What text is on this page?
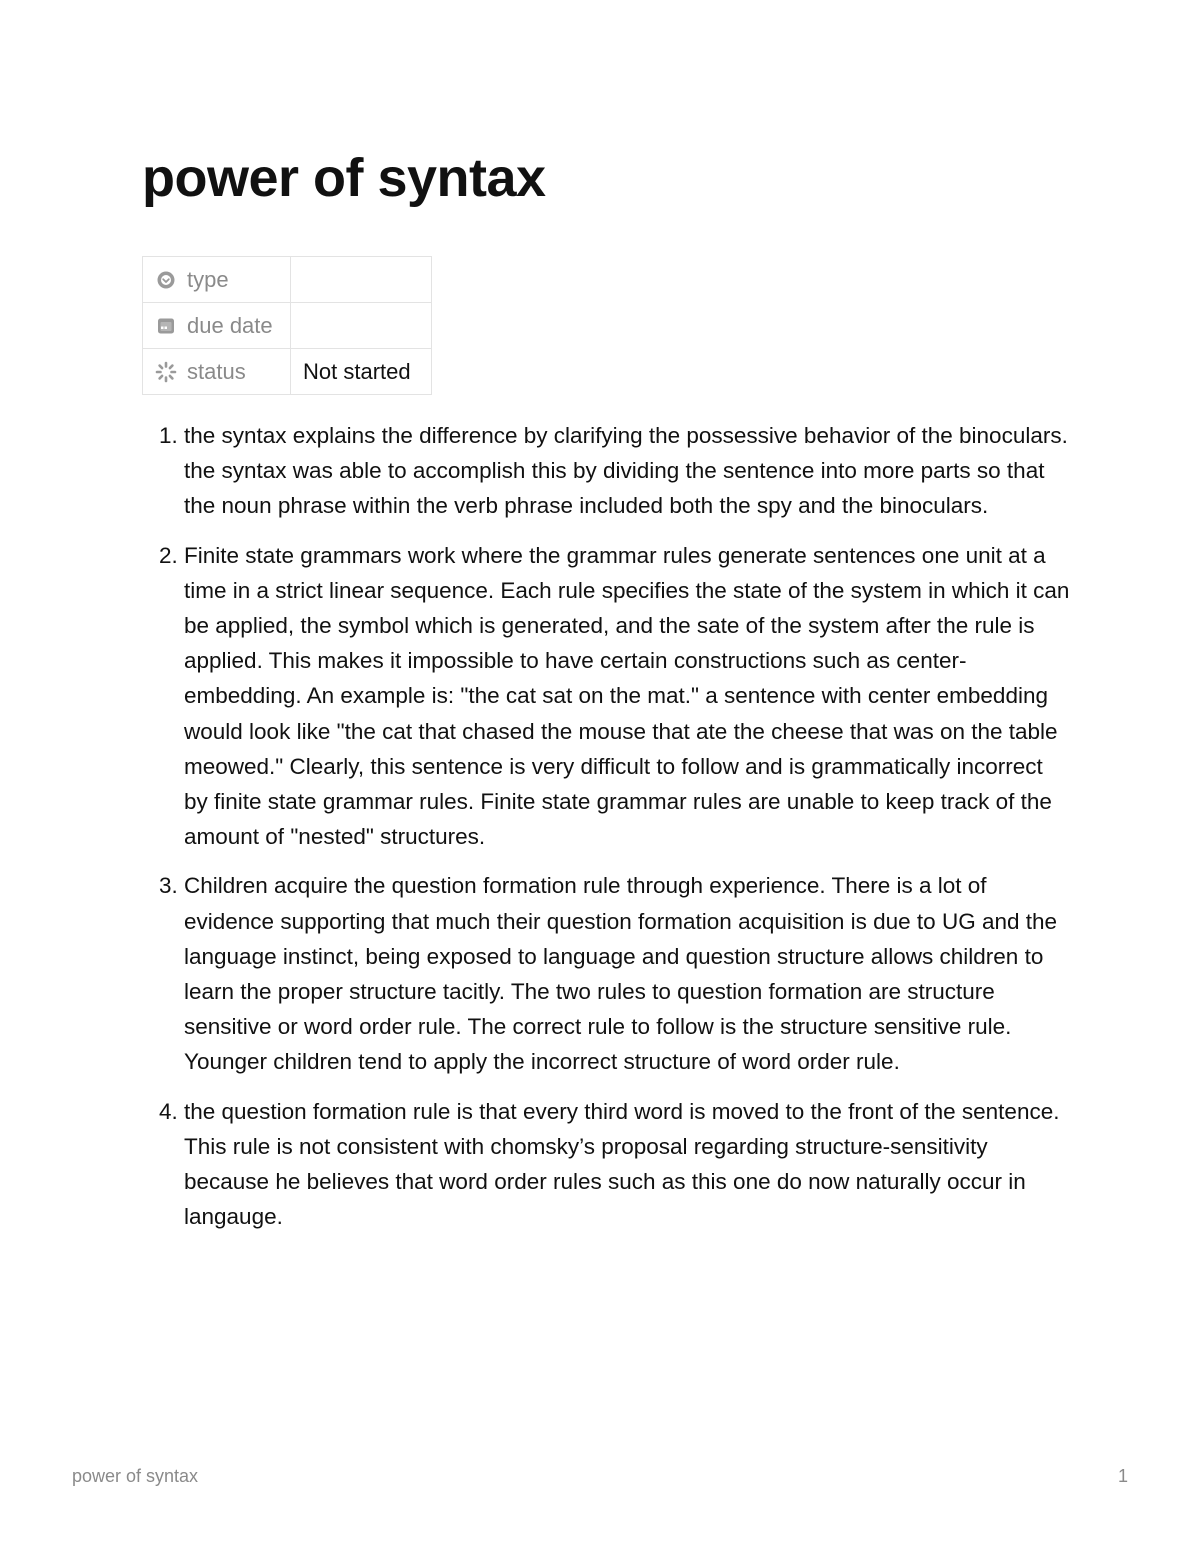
power of syntax
type	

due date	

status	Not started
1. the syntax explains the difference by clarifying the possessive behavior of the binoculars. the syntax was able to accomplish this by dividing the sentence into more parts so that the noun phrase within the verb phrase included both the spy and the binoculars.
2. Finite state grammars work where the grammar rules generate sentences one unit at a time in a strict linear sequence. Each rule specifies the state of the system in which it can be applied, the symbol which is generated, and the sate of the system after the rule is applied. This makes it impossible to have certain constructions such as center-embedding. An example is: "the cat sat on the mat." a sentence with center embedding would look like "the cat that chased the mouse that ate the cheese that was on the table meowed." Clearly, this sentence is very difficult to follow and is grammatically incorrect by finite state grammar rules. Finite state grammar rules are unable to keep track of the amount of "nested" structures.
3. Children acquire the question formation rule through experience. There is a lot of evidence supporting that much their question formation acquisition is due to UG and the language instinct, being exposed to language and question structure allows children to learn the proper structure tacitly. The two rules to question formation are structure sensitive or word order rule. The correct rule to follow is the structure sensitive rule. Younger children tend to apply the incorrect structure of word order rule.
4. the question formation rule is that every third word is moved to the front of the sentence. This rule is not consistent with chomsky’s proposal regarding structure-sensitivity because he believes that word order rules such as this one do now naturally occur in langauge.
power of syntax	1
